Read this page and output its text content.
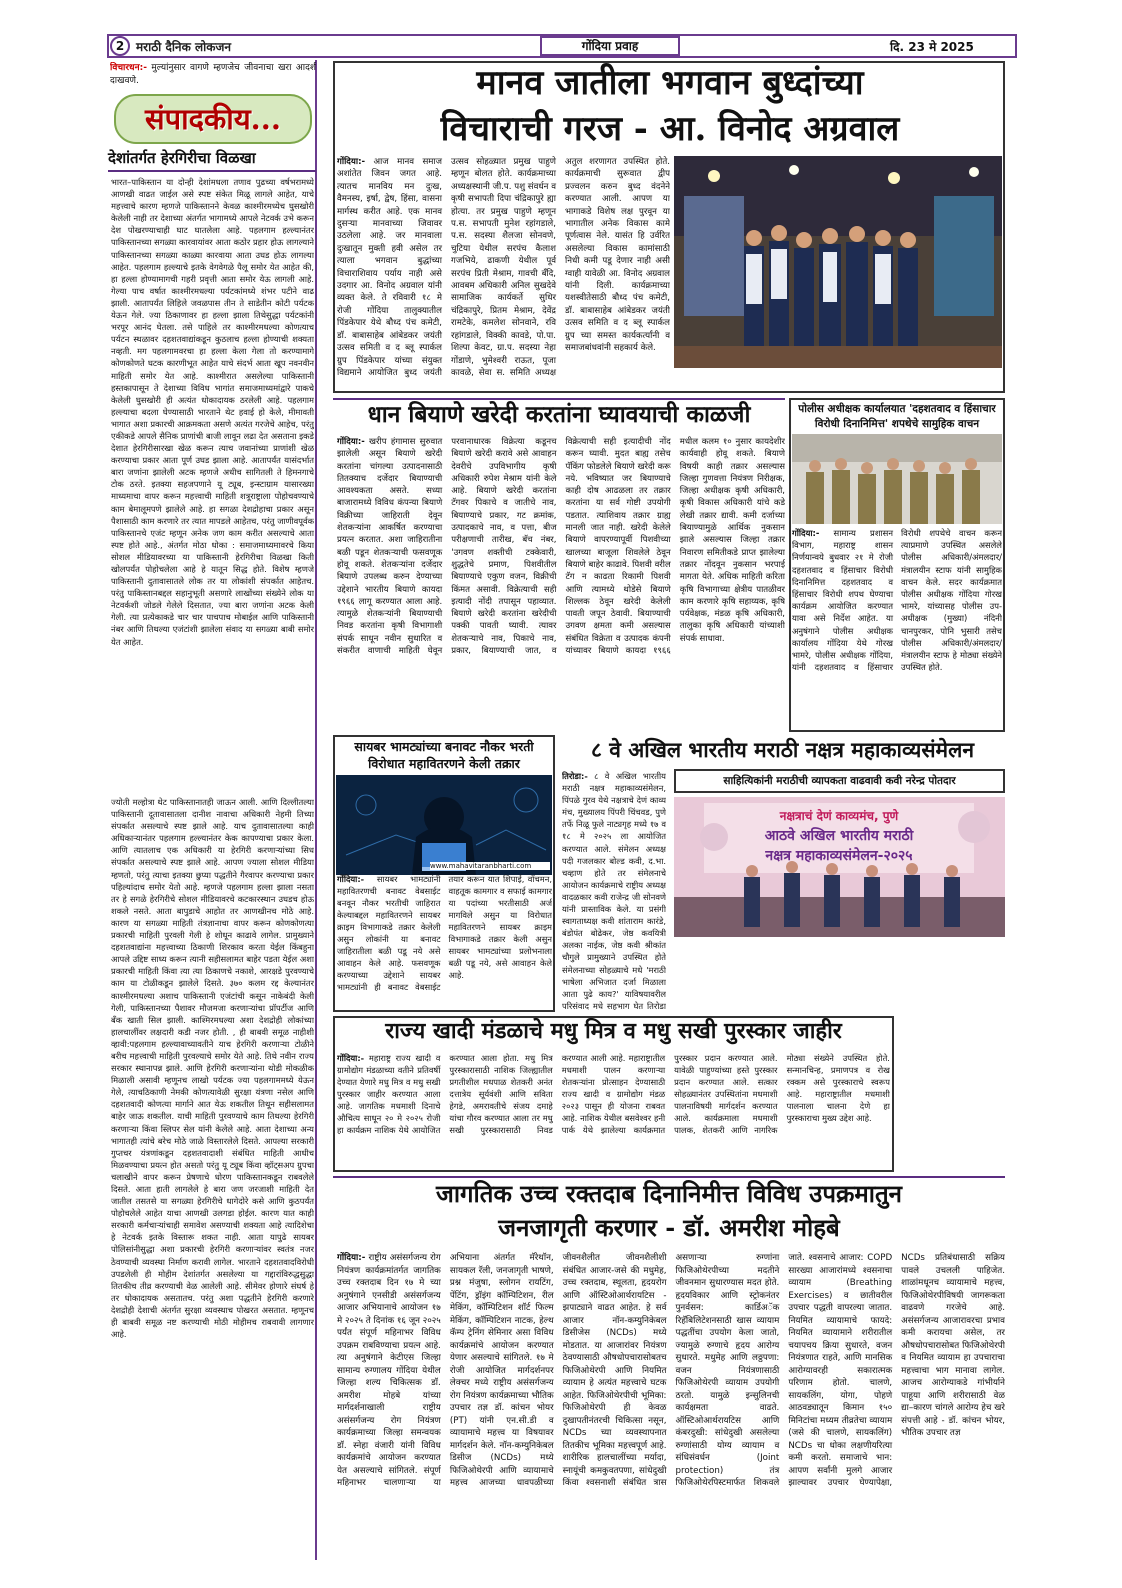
2 मराठी दैनिक लोकजन	गोंदिया प्रवाह	दि. 23 मे 2025
विचारधन:- मुल्यांनुसार वागणे म्हणजेच जीवनाचा खरा आदर्श दाखवणे.
संपादकीय...
देशांतर्गत हेरगिरीचा विळखा
भारत–पाकिस्तान या दोन्ही देशांमधला तणाव पुढच्या वर्षभरामध्ये आणखी वाढत जाईल असे स्पष्ट संकेत मिळू लागले आहेत, याचे महत्त्वाचे कारण म्हणजे पाकिस्तानने केवळ काश्मीरमध्येच घुसखोरी केलेली नाही तर देशाच्या अंतर्गत भागामध्ये आपले नेटवर्क उभे करून देश पोखरण्याचाही घाट घातलेला आहे. पहलगाम हल्ल्यानंतर पाकिस्तानच्या सगळ्या कारवायांवर आता कठोर प्रहार होऊ लागल्याने पाकिस्तानच्या सगळ्या काळ्या कारवाया आता उघड होऊ लागल्या आहेत. पहलगाम हल्ल्याचे इतके वेगवेगळे पैलू समोर येत आहेत की, हा हल्ला होण्यामागची गहरी प्रवृत्ती आता समोर येऊ लागली आहे. गेल्या पाच वर्षात काश्मीरमधल्या पर्यटकांमध्ये शंभर पटीने वाढ झाली. आतापर्यंत लिहिले जवळपास तीन ते साडेतीन कोटी पर्यटक येऊन गेले. ज्या ठिकाणावर हा हल्ला झाला तिथेसुद्धा पर्यटकांनी भरपूर आनंद घेतला. तसे पाहिले तर काश्मीरमधल्या कोणत्याच पर्यटन स्थळावर दहशतवाद्यांकडून कुठलाच हल्ला होण्याची शक्यता नव्हती. मग पहलगामवरचा हा हल्ला केला गेला तो करण्यामागे कोणकोणते घटक कारणीभूत आहेत याचे संदर्भ आता खूप नवनवीन माहिती समोर येत आहे. काश्मीरात असलेल्या पाकिस्तानी हस्तकापासून ते देशाच्या विविध भागांत समाजमाध्यमांद्वारे पाकचे केलेली घुसखोरी ही अत्यंत धोकादायक ठरलेली आहे. पहलगाम हल्ल्याचा बदला घेण्यासाठी भारताने थेट हवाई हो केले, मीमावती भागात अशा प्रकारची आक्रमकता असणे अत्यंत गरजेचे आहेच, परंतु एकीकडे आपले सैनिक प्राणांची बाजी लावून लढा देत असताना इकडे देशात हेरगिरीसारखा खेळ करून त्याच जवानांच्या प्राणांशी खेळ करण्याचा प्रकार आता पूर्ण उघड झाला आहे. आतापर्यंत यासंदर्भात बारा जणांना झालेली अटक म्हणजे अधीच सागितली ते हिमनगाचे टोक ठरते. इतक्या सहजपणाने यू ट्यूब, इन्स्टाग्राम यासारख्या माध्यमाचा वापर करून महत्त्वाची माहिती शत्रूराष्ट्राला पोहोचवण्याचे काम बेमालूमपणे झालेले आहे. हा सगळा देशद्रोहाचा प्रकार असून पैशासाठी काम करणारे तर त्यात मापडले आहेतच, परंतु जाणीवपूर्वक पाकिस्तानचे एजंट म्हणून अनेक जण काम करीत असल्याचे आता स्पष्ट होते आहे., अंतर्गत मोठा धोका : समाजमाध्यमावरचे किया सोशल मीडियावरच्या या पाकिस्तानी हेरगिरीचा विळखा किती खोलपर्यंत पोहोचलेला आहे हे यातून सिद्ध होते. विशेष म्हणजे पाकिस्तानी दुतावासातले लोक तर या लोकांशी संपर्कात आहेतच. परंतु पाकिस्तानबद्दल सहानुभूती असणारे लाखोंच्या संख्येने लोक या नेटवर्कशी जोडले गेलेले दिसतात, ज्या बारा जणांना अटक केली गेली. त्या प्रत्येकाकडे चार चार पाचपाच मोबाईल आणि पाकिस्तानी नंबर आणि तिथल्या एजंटांशी झालेला संवाद या सगळ्या बाबी समोर येत आहेत.
ज्योती मल्होत्रा थेट पाकिस्तानातही जाऊन आली. आणि दिल्लीतल्या पाकिस्तानी दूतावासातला दानीश नावाचा अधिकारी नेहमी तिच्या संपर्कात असल्याचे स्पष्ट झाले आहे. याच दुतावासातल्या काही अधिकाऱ्यानंतर पहलगाम हल्ल्यानंतर केक कापण्याचा प्रकार केला. आणि त्यातलाच एक अधिकारी या हेरगिरी करणाऱ्यांच्या सिध संपर्कात असल्याचे स्पष्ट झाले आहे. आपण ज्याला सोशल मीडिया म्हणतो, परंतु त्याचा इतक्या छुप्या पद्धतीने गैरवापर करण्याचा प्रकार पहिल्यांदाच समोर येतो आहे. म्हणजे पहलगाम हल्ला झाला नसता तर हे सगळे हेरगिरीचे सोशल मीडियावरचे कटकारस्थान उघडच होऊ शकले नसते. आता बापुडाचे आहोत तर आणखीनच मोठे आहे. कारण या सगळ्या माहिती तंत्रज्ञानाचा वापर करून कोणकोणत्या प्रकारची माहिती पुरवली गेली हे शोधून काढावे लागेल. प्रामुख्याने दहशतवाद्यांना महत्त्वाच्या ठिकाणी शिरकाव करता येईल किंबहुना आपले उद्दिष्ट साध्य करून त्यानी सहीसलामत बाहेर पडता येईल अशा प्रकारची माहिती किंवा त्या त्या ठिकाणचे नकाशे, आरक्षडे पुरवण्याचे काम या टोळीकडून झालेले दिसते. ३७० कलम रद्द केल्यानंतर काश्मीरमधल्या अशाच पाकिस्तानी एजंटांची कसून नाकेबंदी केली गेली, पाकिस्तानच्या पैशावर मौजमजा करणाऱ्यांचा प्रॉपर्टीज आणि बँक खाती सिल झाली. काश्मिरमधल्या अशा देशद्रोही लोकांच्या हालचालींवर लक्षदारी कडी नजर होती. , ही बाबवी समूळ नाहीशी व्हावी:पहलगाम हल्ल्यावाच्यावतीने याच हेरगिरी करणाऱ्या टोळीने बरीच महत्त्वाची माहिती पुरवल्याचे समोर येते आहे. तिथे नवीन राज्य सरकार स्थानापन्न झाले. आणि हेरगिरी करणाऱ्यांना थोडी मोकळीक मिळाली असावी म्हणूनच लाखो पर्यटक ज्या पहलगाममध्ये येऊन गेले, त्याचठिकाणी नेमकी कोणत्यावेळी सुरक्षा यंत्रणा नसेल आणि दहशतवादी कोणत्या मार्गाने आत येऊ शकतील तिथून सहीसलामत बाहेर जाऊ शकतील. याची माहिती पुरवण्याचे काम तिथल्या हेरगिरी करणाऱ्या किंवा स्लिपर सेल यांनी केलेले आहे. आता देशाच्या अन्य भागातही त्यांचे बरेच मोठे जाळे विस्तारलेले दिसते. आपल्या सरकारी गुप्तचर यंत्रणांकडून दहशतवादाशी संबंधित माहिती आधीच मिळवण्याचा प्रयत्न होत असतो परंतु यू ट्यूब किंवा व्हॉट्सअप ग्रुपचा चलाखीने वापर करून प्रेषणाचे धोरण पाकिस्तानकडून राबवलेले दिसते. आता हाती लागलेले हे बारा जण जरजाशी माहिती देत जातील तसतसे या सगळ्या हेरगिरीचे धागेदोरे कसे आणि कुठपर्यंत पोहोचलेले आहेत याचा आणखी उलगडा होईल. कारण यात काही सरकारी कर्मचाऱ्यांचाही समावेश असण्याची शक्यता आहे त्यादिशेचा हे नेटवर्क इतके विस्तारू शकत नाही. आता यापुढे सायबर पोलिसांनीसुद्धा अशा प्रकारची हेरगिरी करणाऱ्यांवर स्वतंत्र नजर ठेवण्याची व्यवस्था निर्माण करावी लागेल. भारताने दहशतवादविरोधी उपडलेली ही मोहीम देशांतर्गत असलेल्या या गद्दारांविरुद्धसुद्धा तितकीच तीव्र करण्याची वेळ आलेली आहे. सीमेवर होणारे संघर्ष हे तर धोकादायक असतातच. परंतु अशा पद्धतीने हेरगिरी करणारे देशद्रोही देशाची अंतर्गत सुरक्षा व्यवस्थाच पोखरत असतात. म्हणूनच ही बाबवी समूळ नष्ट करण्याची मोठी मोहीमच राबवावी लागणार आहे.
मानव जातीला भगवान बुध्दांच्या
विचाराची गरज - आ. विनोद अग्रवाल
गोंदिया:- आज मानव समाज अशांतेत जिवन जगत आहे. त्यातच मानविय मन दुःख, वैमनस्य, इर्षा, द्वेष, हिंसा, वासना मार्गस्थ करीत आहे. एक मानव दुसऱ्या मानवाच्या जिवावर उठलेला आहे. जर मानवाला दुःखातून मुक्ती हवी असेल तर त्याला भगवान बुद्धांच्या विचाराशिवाय पर्याय नाही असे उदगार आ. विनोद अग्रवाल यांनी व्यक्त केले. ते रविवारी १८ मे रोजी गोंदिया तालुक्यातील पिंडकेपार येथे बौध्द पंच कमेटी, डॉ. बाबासाहेब आंबेडकर जयंती उत्सव समिती व द ब्लू स्पार्कल ग्रुप पिंडकेपार यांच्या संयुक्त विद्यमाने आयोजित बुध्द जयंती उत्सव सोहळ्यात प्रमुख पाहुणे म्हणून बोलत होते. कार्यक्रमाच्या अध्यक्षस्थानी जी.प. पशु संवर्धन व कृषी सभापती दिपा चंद्रिकापुरे ह्या होत्या. तर प्रमुख पाहुणे म्हणून प.स. सभापती मुनेश रहांगडाले, प.स. सदस्या शैलजा सोनवणे, चुटिया येथील सरपंच कैलाश गजभिये, ढाकणी येथील पूर्व सरपंच प्रिती मेश्राम, गावची बँदि, आवबम अधिकारी अनिल सुखदेवे सामाजिक कार्यकर्ते सुधिर चंद्रिकापुरे, प्रितम मेश्राम, देवेंद्र रामटेके, कमलेश सोनवाने, रवि रहांगडाले, विक्की कावडे, पो.पा. शिल्पा केवट, ग्रा.प. सदस्या नेहा गोंडाणे, भुमेश्वरी राऊत, पूजा कावळे, सेवा स. समिति अध्यक्ष अतुल शरणागत उपस्थित होते. कार्यक्रमाची सुरूवात द्वीप प्रज्वलन करुन बुध्द वंदनेने करण्यात आली. आपण या भागाकडे विशेष लक्ष पुरवून या भागातील अनेक विकास कामे पूर्णत्वास नेले. यासंत हि उर्वरित असलेल्या विकास कामांसाठी निधी कमी पडू देणार नाही असी ग्वाही यावेळी आ. विनोद अग्रवाल यांनी दिली. कार्यक्रमाच्या यशस्वीतेसाठी बौध्द पंच कमेटी, डॉ. बाबासाहेब आंबेडकर जयंती उत्सव समिति व द ब्लू स्पार्कल ग्रुप च्या समस्त कार्यकर्त्यांनी व समाजबांधवांनी सहकार्य केले.
धान बियाणे खरेदी करतांना घ्यावयाची काळजी
गोंदिया:- खरीप हंगामास सुरुवात झालेली असून बियाणे खरेदी करतांना चांगल्या उत्पादनासाठी तितक्याच दर्जेदार बियाण्याची आवश्यकता असते. सध्या बाजारामध्ये विविध कंपन्या बियाणे विक्रीच्या जाहिराती देवून शेतकऱ्यांना आकर्षित करण्याचा प्रयत्न करतात. अशा जाहिरातीना बळी पडून शेतकऱ्याची फसवणूक होवू शकते. शेतकऱ्यांना दर्जेदार बियाणे उपलब्ध करुन देण्याच्या उद्देशाने भारतीय बियाणे कायदा १९६६ लागू करण्यात आला आहे. त्यामुळे शेतकऱ्यांनी बियाण्याची निवड करतांना कृषी विभागाशी संपर्क साधून नवीन सुधारित व संकरीत वाणाची माहिती घेवून परवानाधारक विक्रेत्या कडूनच बियाणे खरेदी करावे असे आवाहन देवरीचे उपविभागीय कृषी अधिकारी रुपेश मेश्राम यांनी केले आहे. बियाणे खरेदी करतांना टॅगवर पिकाचे व जातीचे नाव, बियाण्याचे प्रकार, गट क्रमांक, उत्पादकाचे नाव, व पत्ता, बीज परीक्षणाची तारीख, बॅच नंबर, 'उगवण शक्तीची टक्केवारी, शुद्धतेचे प्रमाण, पिशवीतील बियाण्याचे एकुण वजन, विक्रीची किंमत असावी. विक्रेत्याची सही इत्यादी नोंदी तपासून पहाव्यात. बियाणे खरेदी करतांना खरेदीची पक्की पावती घ्यावी. त्यावर शेतकऱ्याचे नाव, पिकाचे नाव, प्रकार, बियाण्याची जात, व विक्रेत्याची सही इत्यादीची नोंद करून घ्यावी. मुदत बाह्य तसेच पॅकिंग फोडलेले बियाणे खरेदी करू नये. भविष्यात जर बियाण्याचे काही दोष आढळला तर तक्रार करतांना या सर्व गोष्टी उपयोगी पडतात. त्याशिवाय तक्रार ग्राह्य मानली जात नाही. खरेदी केलेले बियाणे वापरण्यापूर्वी पिशवीच्या खालच्या बाजूला शिवलेले ठेवून बियाणे बाहेर काढावे. पिशवी वरील टॅग न काढता रिकामी पिशवी आणि त्यामध्ये थोडेसे बियाणे शिल्लक ठेवून खरेदी केलेली पावती जपून ठेवावी. बियाण्याची उगवण क्षमता कमी असल्यास संबंधित विक्रेता व उत्पादक कंपनी यांच्यावर बियाणे कायदा १९६६ मधील कलम १० नुसार कायदेशीर कार्यवाही होवू शकते. बियाणे विषयी काही तक्रार असल्यास जिल्हा गुणवत्ता नियंत्रण निरीक्षक, जिल्हा अधीक्षक कृषी अधिकारी, कृषी विकास अधिकारी यांचे कडे लेखी तक्रार द्यावी. कमी दर्जाच्या बियाण्यामुळे आर्थिक नुकसान झाले असल्यास जिल्हा तक्रार निवारण समितीकडे प्राप्त झालेल्या तक्रार नोंदवून नुकसान भरपाई मागता येते. अधिक माहिती करिता कृषि विभागाच्या क्षेत्रीय पातळीवर काम करणारे कृषि सहाय्यक, कृषि पर्यवेक्षक, मंडळ कृषि अधिकारी, तालुका कृषि अधिकारी यांच्याशी संपर्क साधावा.
पोलीस अधीक्षक कार्यालयात 'दहशतवाद व हिंसाचार विरोधी दिनानिमित्त' शपथेचे सामुहिक वाचन
गोंदिया:- सामान्य प्रशासन विभाग, महाराष्ट्र शासन निर्णयान्वये बुधवार २१ मे रोजी दहशतवाद व हिंसाचार विरोधी दिनानिमित्त दहशतवाद व हिंसाचार विरोधी शपथ घेण्याचा कार्यक्रम आयोजित करण्यात यावा असे निर्देश आहेत. या अनुषंगाने पोलीस अधीक्षक कार्यालय गोंदिया येथे गोरख भामरे, पोलीस अधीक्षक गोंदिया, यांनी दहशतवाद व हिंसाचार विरोधी शपथेचे वाचन करून त्याप्रमाणे उपस्थित असलेले पोलीस अधिकारी/अंमलदार/मंत्रालयीन स्टाफ यांनी सामुहिक वाचन केले. सदर कार्यक्रमात पोलीस अधीक्षक गोंदिया गोरख भामरे, यांच्यासह पोलीस उप-अधीक्षक (मुख्या) नंदिनी चानपुरकर, पोनि भुसारी तसेच पोलीस अधिकारी/अंमलदार/मंत्रालयीन स्टाफ हे मोठ्या संख्येने उपस्थित होते.
सायबर भामट्यांच्या बनावट नौकर भरती विरोधात महावितरणने केली तक्रार
www.mahavitaranbharti.com
गोंदिया:- सायबर भामट्यांनी महावितरणची बनावट वेबसाईट बनवून नौकर भरतीची जाहिरात केल्याबद्दल महावितरणने सायबर क्राइम विभागाकडे तक्रार केलेली असुन लोकांनी या बनावट जाहिरातीला बळी पडू नये असे आवाहन केले आहे. फसवणूक करण्याच्या उद्देशाने सायबर भामट्यांनी ही बनावट वेबसाईट तयार करून यात शिपाई, वॉचमन, वाहतूक कामगार व सफाई कामगार या पदांच्या भरतीसाठी अर्ज मागविले असुन या विरोधात महावितरणने सायबर क्राइम विभागाकडे तक्रार केली असुन सायबर भामट्यांच्या प्रलोभनाला बळी पडू नये, असे आवाहन केले आहे.
८ वे अखिल भारतीय मराठी नक्षत्र महाकाव्यसंमेलन
तिरोडा:- ८ वे अखिल भारतीय मराठी नक्षत्र महाकाव्यसंमेलन, पिंपळे गुरव येथे नक्षत्राचे देणं काव्य मंच, मुख्यालय पिंपरी चिंचवड, पुणे तर्फे निळू फुले नाट्यगृह मध्ये १७ व १८ मे २०२५ ला आयोजित करण्यात आले. संमेलन अध्यक्ष पदी गजलकार बोल्ड कवी, द.भा. चव्हाण होते तर संमेलनाचे आयोजन कार्यक्रमाचे राष्ट्रीय अध्यक्ष वादळकार कवी राजेन्द्र जी सोनवणे यांनी प्रास्ताविक केले. या प्रसंगी स्वागताध्यक्ष कवी शांताराम कारंडे, बंडोपंत बोढेकर, जेष्ठ कवयित्री अलका नाईक, जेष्ठ कवी श्रीकांत चौगुले प्रामुख्याने उपस्थित होते संमेलनाच्या सोहळ्याचे मधे 'मराठी भाषेला अभिजात दर्जा मिळाला आता पुढे काय?' याविषयावरील परिसंवाद मधे सहभाग घेत तिरोडा
साहित्यिकांनी मराठीची व्यापकता वाढवावी कवी नरेन्द्र पोतदार
नक्षत्राचं देणं काव्यमंच, पुणे
आठवे अखिल भारतीय मराठी
नक्षत्र महाकाव्यसंमेलन-२०२५
राज्य खादी मंडळाचे मधु मित्र व मधु सखी पुरस्कार जाहीर
गोंदिया:- महाराष्ट्र राज्य खादी व ग्रामोद्योग मंडळाच्या वतीने प्रतिवर्षी देण्यात येणारे मधु मित्र व मधु सखी पुरस्कार जाहीर करण्यात आला आहे. जागतिक मधमाशी दिनाचे औचित्य साधून २० मे २०२५ रोजी हा कार्यक्रम नाशिक येथे आयोजित करण्यात आला होता. मधु मित्र पुरस्कारासाठी नाशिक जिल्ह्यातील प्रगतीशील मधपाळ शेतकरी अनंत दत्तात्रेय सूर्यवंशी आणि सविता हेगडे, अमरावतीचे संजय दमाहे यांचा गौरव करण्यात आला तर मधु सखी पुरस्कारासाठी निवड करण्यात आली आहे. महाराष्ट्रातील मधमाशी पालन करणाऱ्या शेतकऱ्यांना प्रोत्साहन देण्यासाठी राज्य खादी व ग्रामोद्योग मंडळ २०२३ पासून ही योजना राबवत आहे. नाशिक येथील बसवेश्वर हनी पार्क येथे झालेल्या कार्यक्रमात पुरस्कार प्रदान करण्यात आले. यावेळी पाहुण्यांच्या हस्ते पुरस्कार प्रदान करण्यात आले. सत्कार सोहळ्यानंतर उपस्थितांना मधमाशी पालनाविषयी मार्गदर्शन करण्यात आले. कार्यक्रमाला मधमाशी पालक, शेतकरी आणि नागरिक मोठ्या संख्येने उपस्थित होते. सन्मानचिन्ह, प्रमाणपत्र व रोख रक्कम असे पुरस्काराचे स्वरूप आहे. महाराष्ट्रातील मधमाशी पालनाला चालना देणे हा पुरस्काराचा मुख्य उद्देश आहे.
जागतिक उच्च रक्तदाब दिनानिमीत्त विविध उपक्रमातुन
जनजागृती करणार - डॉ. अमरीश मोहबे
गोंदिया:- राष्ट्रीय असंसर्गजन्य रोग नियंत्रण कार्यक्रमांतर्गत जागतिक उच्च रक्तदाब दिन १७ मे च्या अनुषंगाने एनसीडी असंसर्गजन्य आजार अभियानाचे आयोजन १७ मे २०२५ ते दिनांक १६ जून २०२५ पर्यंत संपूर्ण महिनाभर विविध उपक्रम राबविण्याचा प्रयत्न आहे. त्या अनुषंगाने केटीएस जिल्हा सामान्य रुग्णालय गोंदिया येथील जिल्हा शल्य चिकित्सक डॉ. अमरीश मोहबे यांच्या मार्गदर्शनाखाली राष्ट्रीय असंसर्गजन्य रोग नियंत्रण कार्यक्रमाच्या जिल्हा समन्वयक डॉ. स्नेहा वंजारी यांनी विविध कार्यक्रमांचे आयोजन करण्यात येत असल्याचे सांगितले. संपूर्ण महिनाभर चालणाऱ्या या अभियाना अंतर्गत मॅरेथॉन, सायकल रॅली, जनजागृती भाषणे, प्रश्न मंजुषा, स्लोगन रायटिंग, पेंटिंग, ड्रॉइंग कॉम्पिटिशन, रील मेकिंग, कॉम्पिटिशन शॉर्ट फिल्म मेकिंग, कॉम्पिटिशन नाटक, हेल्थ कॅम्प ट्रेनिंग सेमिनार असा विविध कार्यक्रमांचे आयोजन करण्यात येणार असल्याचे सांगितले. १७ मे रोजी आयोजित मार्गदर्शनपर लेक्चर मध्ये राष्ट्रीय असंसर्गजन्य रोग नियंत्रण कार्यक्रमाच्या भौतिक उपचार तज्ञ डॉ. कांचन भोयर (PT) यांनी एन.सी.डी व व्यायामाचे महत्त्व या विषयावर मार्गदर्शन केले. नॉन-कम्युनिकेबल डिसीज (NCDs) मध्ये फिजिओथेरपी आणि व्यायामाचे महत्त्व आजच्या धावपळीच्या जीवनशैलीत जीवनशैलीशी संबंधित आजार-जसे की मधुमेह, उच्च रक्तदाब, स्थूलता, हृदयरोग आणि ऑस्टिओआर्थरायटिस - झपाट्याने वाढत आहेत. हे सर्व आजार नॉन-कम्युनिकेबल डिसीजेस (NCDs) मध्ये मोडतात. या आजारांवर नियंत्रण ठेवण्यासाठी औषधोपचारासोबतच फिजिओथेरपी आणि नियमित व्यायाम हे अत्यंत महत्त्वाचे घटक आहेत. फिजिओथेरपीची भूमिका: फिजिओथेरपी ही केवळ दुखापतीनंतरची चिकित्सा नसून, NCDs च्या व्यवस्थापनात तितकीच भूमिका महत्त्वपूर्ण आहे. शारीरिक हालचालींच्या मर्यादा, स्नायूंची कमकुवतपणा, सांधेदुखी किंवा श्वसनाशी संबंधित त्रास असणाऱ्या रुग्णांना फिजिओथेरपीच्या मदतीने जीवनमान सुधारण्यास मदत होते. हृदयविकार आणि स्ट्रोकनंतर पुनर्वसन: कार्डिअॅक रिहॅबिलिटेशनसाठी खास व्यायाम पद्धतींचा उपयोग केला जातो, ज्यामुळे रुग्णाचे हृदय आरोग्य सुधारते. मधुमेह आणि लठ्ठपणा: वजन नियंत्रणासाठी फिजिओथेरपी व्यायाम उपयोगी ठरतो. यामुळे इन्सुलिनची कार्यक्षमता वाढते. ऑस्टिओआर्थरायटिस आणि कंबरदुखी: सांधेदुखी असलेल्या रुग्णांसाठी योग्य व्यायाम व संधिसंवर्धन (Joint protection) तंत्र फिजिओथेरपिस्टमार्फत शिकवले जाते. श्वसनाचे आजार: COPD सारख्या आजारांमध्ये श्वसनाचा व्यायाम (Breathing Exercises) व छातीवरील उपचार पद्धती वापरल्या जातात. नियमित व्यायामाचे फायदे: नियमित व्यायामाने शरीरातील चयापचय क्रिया सुधारते, वजन नियंत्रणात राहते, आणि मानसिक आरोग्यावरही सकारात्मक परिणाम होतो. चालणे, सायकलिंग, योगा, पोहणे आठवड्यातून किमान १५० मिनिटांचा मध्यम तीव्रतेचा व्यायाम (जसे की चालणे, सायकलिंग) NCDs चा धोका लक्षणीयरित्या कमी करतो. समाजाचे भान: आपण सर्वांनी मुलगे आजार झाल्यावर उपचार घेण्यापेक्षा, NCDs प्रतिबंधासाठी सक्रिय पावले उचलली पाहिजेत. शाळांमधूनच व्यायामाचे महत्त्व, फिजिओथेरपीविषयी जागरूकता वाढवणे गरजेचे आहे. असंसर्गजन्य आजारावरचा प्रभाव कमी करायचा असेल, तर औषधोपचारासोबत फिजिओथेरपी व नियमित व्यायाम हा उपचाराचा महत्त्वाचा भाग मानावा लागेल. आजच आरोग्याकडे गांभीर्याने पाहूया आणि शरीरासाठी वेळ द्या–कारण चांगले आरोग्य हेच खरे संपत्ती आहे - डॉ. कांचन भोयर, भौतिक उपचार तज्ञ
